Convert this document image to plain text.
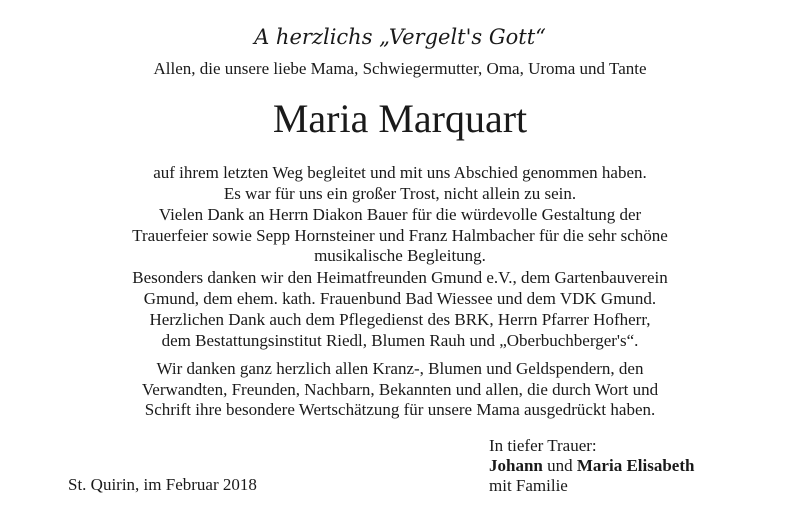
A herzlichs „Vergelt's Gott“
Allen, die unsere liebe Mama, Schwiegermutter, Oma, Uroma und Tante
Maria Marquart
auf ihrem letzten Weg begleitet und mit uns Abschied genommen haben.
Es war für uns ein großer Trost, nicht allein zu sein.
Vielen Dank an Herrn Diakon Bauer für die würdevolle Gestaltung der
Trauerfeier sowie Sepp Hornsteiner und Franz Halmbacher für die sehr schöne
musikalische Begleitung.
Besonders danken wir den Heimatfreunden Gmund e.V., dem Gartenbauverein
Gmund, dem ehem. kath. Frauenbund Bad Wiessee und dem VDK Gmund.
Herzlichen Dank auch dem Pflegedienst des BRK, Herrn Pfarrer Hofherr,
dem Bestattungsinstitut Riedl, Blumen Rauh und „Oberbuchberger's“.
Wir danken ganz herzlich allen Kranz-, Blumen und Geldspendern, den
Verwandten, Freunden, Nachbarn, Bekannten und allen, die durch Wort und
Schrift ihre besondere Wertschätzung für unsere Mama ausgedrückt haben.
St. Quirin, im Februar 2018
In tiefer Trauer:
Johann und Maria Elisabeth
mit Familie
